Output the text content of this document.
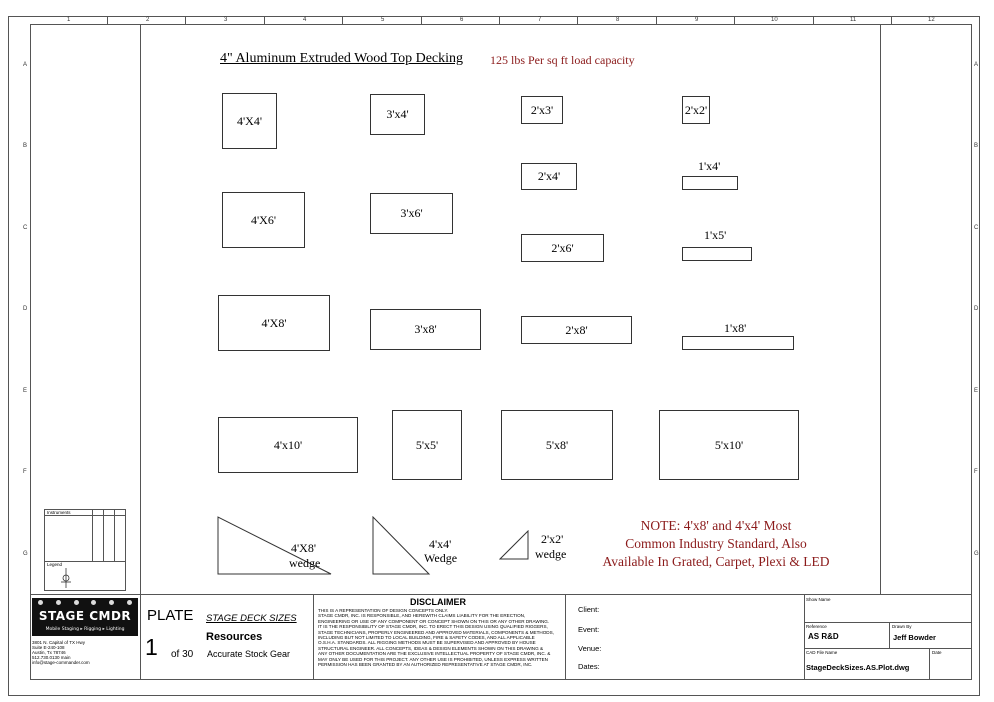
1	2	3	4	5	6	7	8	9	10	11	12
A
B
C
D
E
F
G
A
B
C
D
E
F
G
4" Aluminum Extruded Wood Top Decking 125 lbs Per sq ft load capacity
4'X4'	3'x4'	2'x3'	2'x2'
2'x4'
1'x4'
4'X6'	3'x6'
2'x6'
1'x5'
4'X8'	3'x8'	2'x8'	1'x8'
4'x10'	5'x5'	5'x8'	5'x10'
4'X8'
wedge
4'x4'
Wedge
2'x2'
wedge
NOTE: 4'x8' and 4'x4' Most
Common Industry Standard, Also
Available In Grated, Carpet, Plexi & LED
Instruments
Legend
STAGE CMDR
Mobile Staging ▸ Rigging ▸ Lighting
3801 N. Capital of TX Hwy
Suite E-240-108
Austin, Tx 78746
512.730.0130 main
info@stage-commander.com
PLATE STAGE DECK SIZES
1 of 30
Resources
Accurate Stock Gear
DISCLAIMER
THIS IS A REPRESENTATION OF DESIGN CONCEPTS ONLY.
STAGE CMDR, INC. IS RESPONSIBLE, AND HEREWITH CLAIMS LIABILITY FOR THE ERECTION,
ENGINEERING OR USE OF ANY COMPONENT OR CONCEPT SHOWN ON THIS OR ANY OTHER DRAWING.
IT IS THE RESPONSIBILITY OF STAGE CMDR, INC. TO ERECT THIS DESIGN USING QUALIFIED RIGGERS,
STAGE TECHNICIANS, PROPERLY ENGINEERED AND APPROVED MATERIALS, COMPONENTS & METHODS,
INCLUDING BUT NOT LIMITED TO LOCAL BUILDING, FIRE & SAFETY CODES, AND ALL APPLICABLE
O.S.H.A. STANDARDS. ALL RIGGING METHODS MUST BE SUPERVISED AND APPROVED BY HOUSE
STRUCTURAL ENGINEER. ALL CONCEPTS, IDEAS & DESIGN ELEMENTS SHOWN ON THIS DRAWING &
ANY OTHER DOCUMENTATION ARE THE EXCLUSIVE INTELLECTUAL PROPERTY OF STAGE CMDR, INC. &
MAY ONLY BE USED FOR THIS PROJECT. ANY OTHER USE IS PROHIBITED, UNLESS EXPRESS WRITTEN
PERMISSION HAS BEEN GRANTED BY AN AUTHORIZED REPRESENTATIVE AT STAGE CMDR, INC.
Client:
Event:
Venue:
Dates:
Show Name
Reference
AS R&D
Drawn By
Jeff Bowder
CAD File Name
StageDeckSizes.AS.Plot.dwg
Date
